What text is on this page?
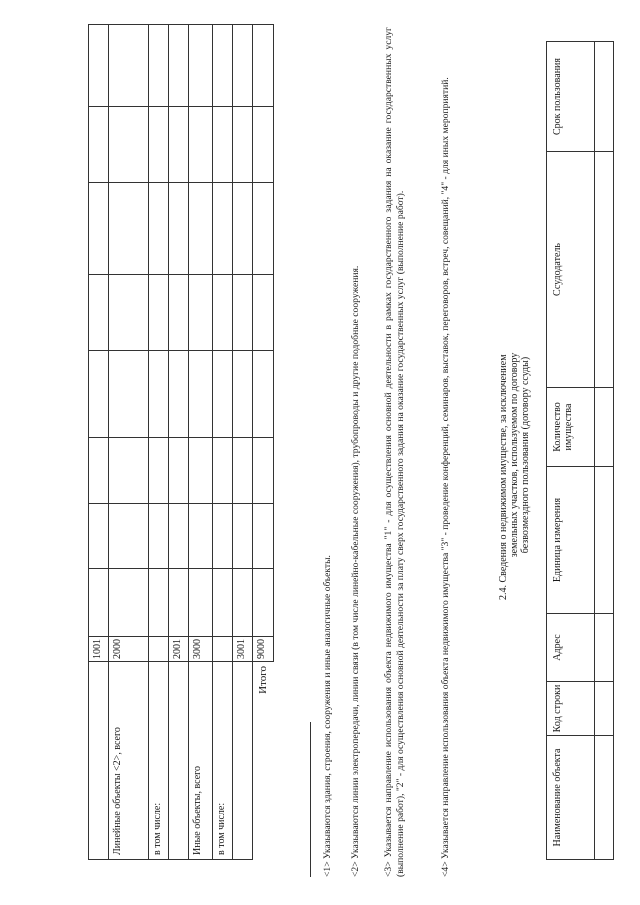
	1001								

Линейные объекты <2>, всего	2000								

в том числе:									

	2001								

Иные объекты, всего	3000								

в том числе:									

	3001								

Итого	9000								
									<1> Указываются здания, строения, сооружения и иные аналогичные объекты. <2> Указываются линии электропередачи, линии связи (в том числе линейно-кабельные сооружения), трубопроводы и другие подобные сооружения. <3> Указывается направление использования объекта недвижимого имущества "1" - для осуществления основной деятельности в рамках государственного задания на оказание государственных услуг (выполнение работ), "2" - для осуществления основной деятельности за плату сверх государственного задания на оказание государственных услуг (выполнение работ).	<4> Указывается направление использования объекта недвижимого имущества "3" - проведение конференций, семинаров, выставок, переговоров, встреч, совещаний, "4" - для иных мероприятий.	2.4. Сведения о недвижимом имуществе, за исключением земельных участков, используемом по договору безвозмездного пользования (договору ссуды)
Наименование объекта	Код строки	Адрес	Единица измерения	Количество имущества	Ссудодатель	Срок пользования
